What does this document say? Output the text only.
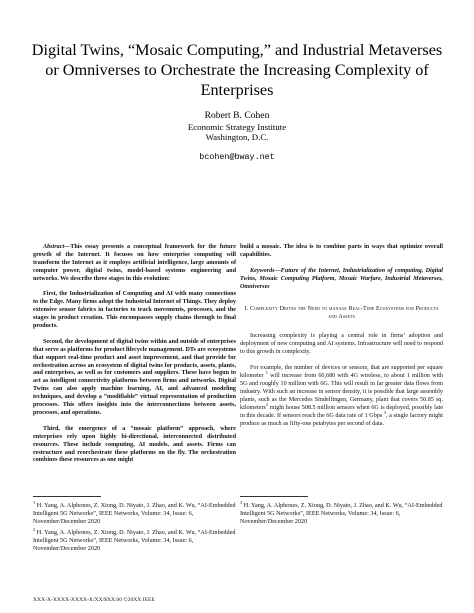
Digital Twins, “Mosaic Computing,” and Industrial Metaverses or Omniverses to Orchestrate the Increasing Complexity of Enterprises
Robert B. Cohen
Economic Strategy Institute
Washington, D.C.
bcohen@bway.net

Abstract—This essay presents a conceptual framework for the future growth of the Internet. It focuses on how enterprise computing will transform the Internet as it employs artificial intelligence, large amounts of computer power, digital twins, model-based systems engineering and networks. We describe three stages in this evolution:

First, the Industrialization of Computing and AI with many connections to the Edge. Many firms adopt the Industrial Internet of Things. They deploy extensive sensor fabrics in factories to track movements, processes, and the stages in product creation. This encompasses supply chains through to final products.

Second, the development of digital twins within and outside of enterprises that serve as platforms for product lifecycle management. DTs are ecosystems that support real-time product and asset improvement, and that provide for orchestration across an ecosystem of digital twins for products, assets, plants, and enterprises, as well as for customers and suppliers. These have begun to act as intelligent connectivity platforms between firms and networks. Digital Twins can also apply machine learning, AI, and advanced modeling techniques, and develop a “modifiable” virtual representation of production processes. This offers insights into the interconnections between assets, processes, and operations.

Third, the emergence of a “mosaic platform” approach, where enterprises rely upon highly bi-directional, interconnected distributed resources. These include computing, AI models, and assets. Firms can restructure and reorchestrate these platforms on the fly. The orchestration combines these resources as one might

build a mosaic. The idea is to combine parts in ways that optimize overall capabilities.

Keywords—Future of the Internet, Industrialization of computing, Digital Twins, Mosaic Computing Platform, Mosaic Warfare, Industrial Metaverses, Omniverses

I. Complexity Drives the Need to manage Real-Time Ecosystems for Products and Assets

Increasing complexity is playing a central role in firms’ adoption and deployment of new computing and AI systems. Infrastructure will need to respond to this growth in complexity.

For example, the number of devices or sensors, that are supported per square kilometer $^1$ will increase from 60,680 with 4G wireless, to about 1 million with 5G and roughly 10 million with 6G. This will result in far greater data flows from industry. With such an increase in sensor density, it is possible that large assembly plants, such as the Mercedes Sindelfingen, Germany, plant that covers 50.85 sq. kilometers$^2$ might house 508.5 million sensors when 6G is deployed, possibly late in this decade. If sensors reach the 6G data rate of 1 Gbps $^3$, a single factory might produce as much as fifty-one petabytes per second of data.

$^1$ H. Yang, A. Alphones, Z. Xiong, D. Niyato, J. Zhao, and K. Wu, “AI-Embedded Intelligent 5G Networks”, IEEE Networks, Volume: 34, Issue: 6, November/December 2020

$^2$ H. Yang, A. Alphones, Z. Xiong, D. Niyato, J. Zhao, and K. Wu, “AI-Embedded Intelligent 5G Networks”, IEEE Networks, Volume: 34, Issue: 6, November/December 2020

$^3$ H. Yang, A. Alphones, Z. Xiong, D. Niyato, J. Zhao, and K. Wu, “AI-Embedded Intelligent 5G Networks”, IEEE Networks, Volume: 34, Issue: 6, November/December 2020

XXX-X-XXXX-XXXX-X/XX/$XX.00 ©20XX IEEE
